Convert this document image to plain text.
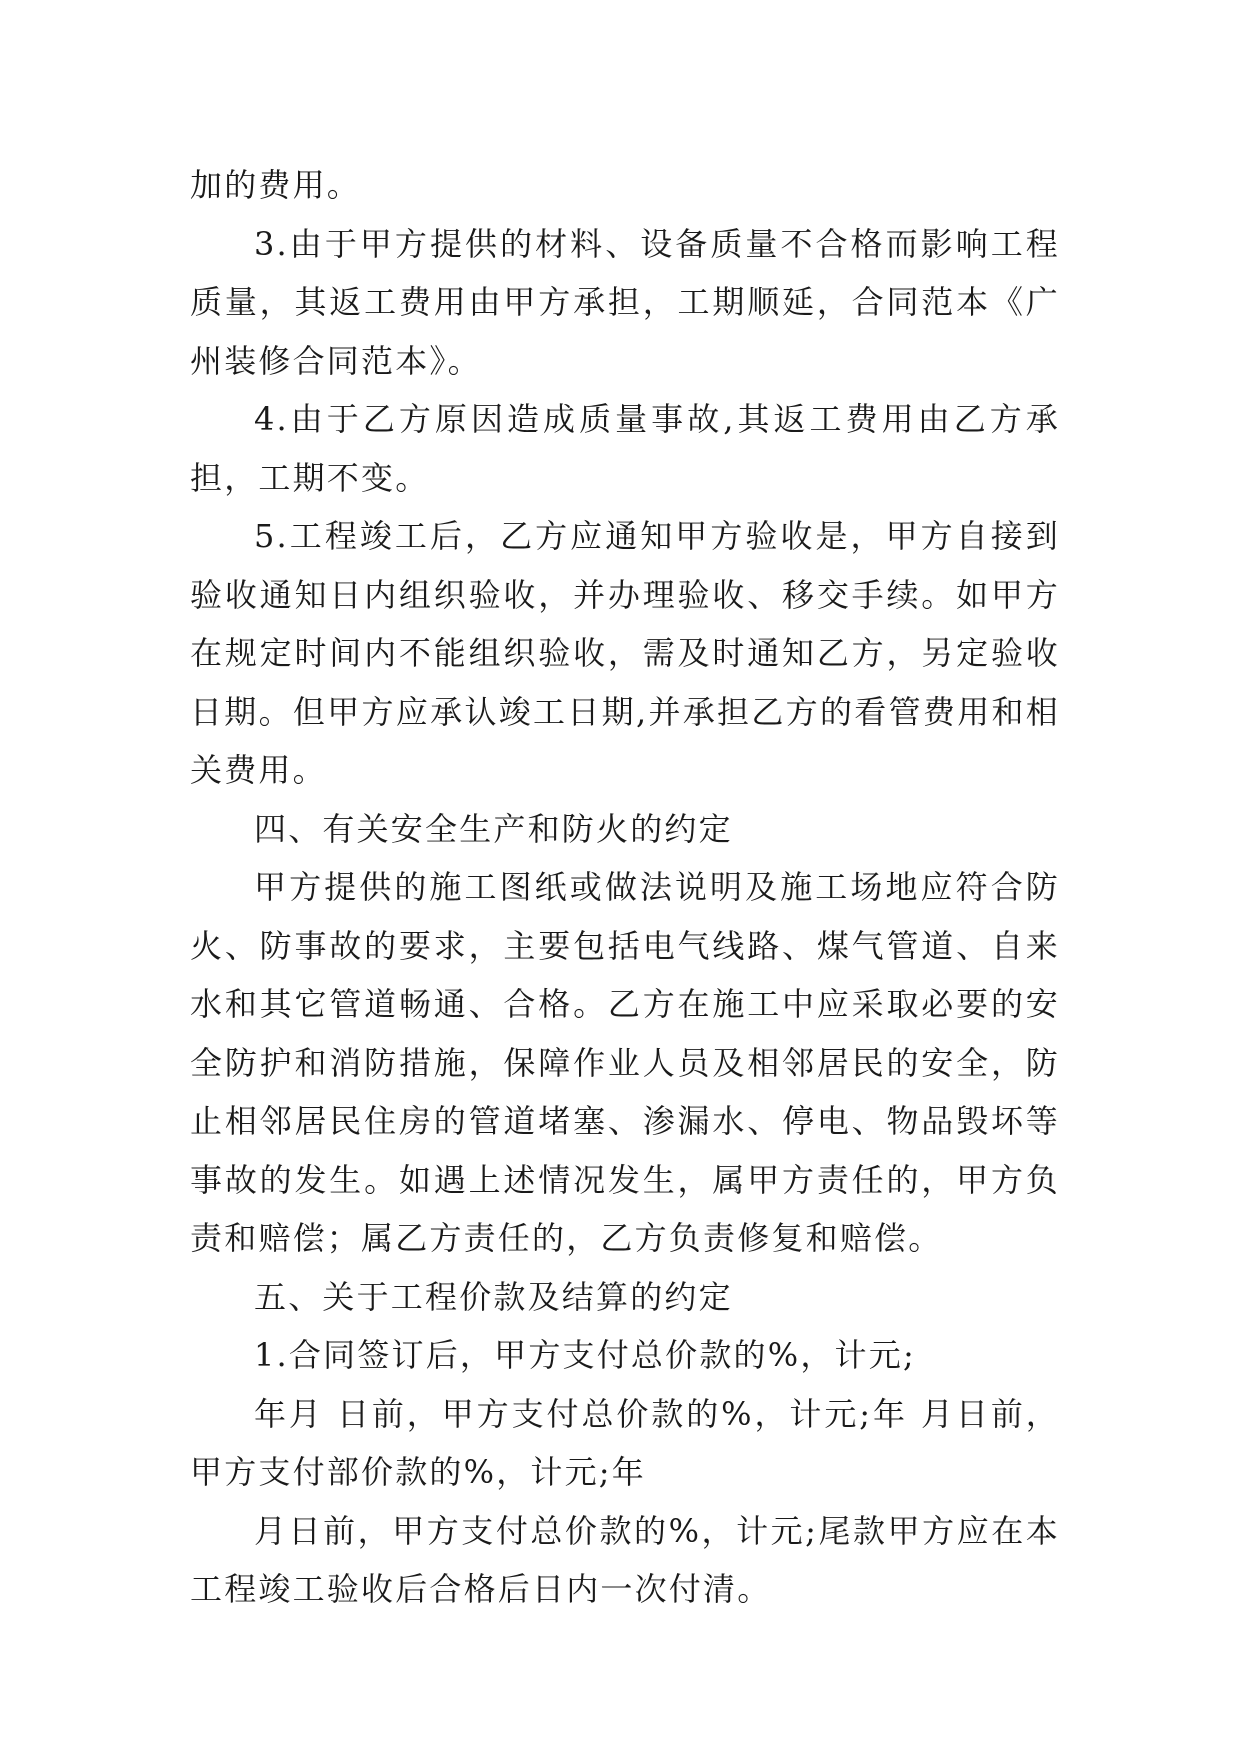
加的费用。

3.由于甲方提供的材料、设备质量不合格而影响工程质量，其返工费用由甲方承担，工期顺延，合同范本《广州装修合同范本》。

4.由于乙方原因造成质量事故,其返工费用由乙方承担，工期不变。

5.工程竣工后，乙方应通知甲方验收是，甲方自接到验收通知日内组织验收，并办理验收、移交手续。如甲方在规定时间内不能组织验收，需及时通知乙方，另定验收日期。但甲方应承认竣工日期,并承担乙方的看管费用和相关费用。

四、有关安全生产和防火的约定

甲方提供的施工图纸或做法说明及施工场地应符合防火、防事故的要求，主要包括电气线路、煤气管道、自来水和其它管道畅通、合格。乙方在施工中应采取必要的安全防护和消防措施，保障作业人员及相邻居民的安全，防止相邻居民住房的管道堵塞、渗漏水、停电、物品毁坏等事故的发生。如遇上述情况发生，属甲方责任的，甲方负责和赔偿；属乙方责任的，乙方负责修复和赔偿。

五、关于工程价款及结算的约定

1.合同签订后，甲方支付总价款的%，计元;

年月 日前，甲方支付总价款的%，计元;年 月日前，甲方支付部价款的%，计元;年

月日前，甲方支付总价款的%，计元;尾款甲方应在本工程竣工验收后合格后日内一次付清。
